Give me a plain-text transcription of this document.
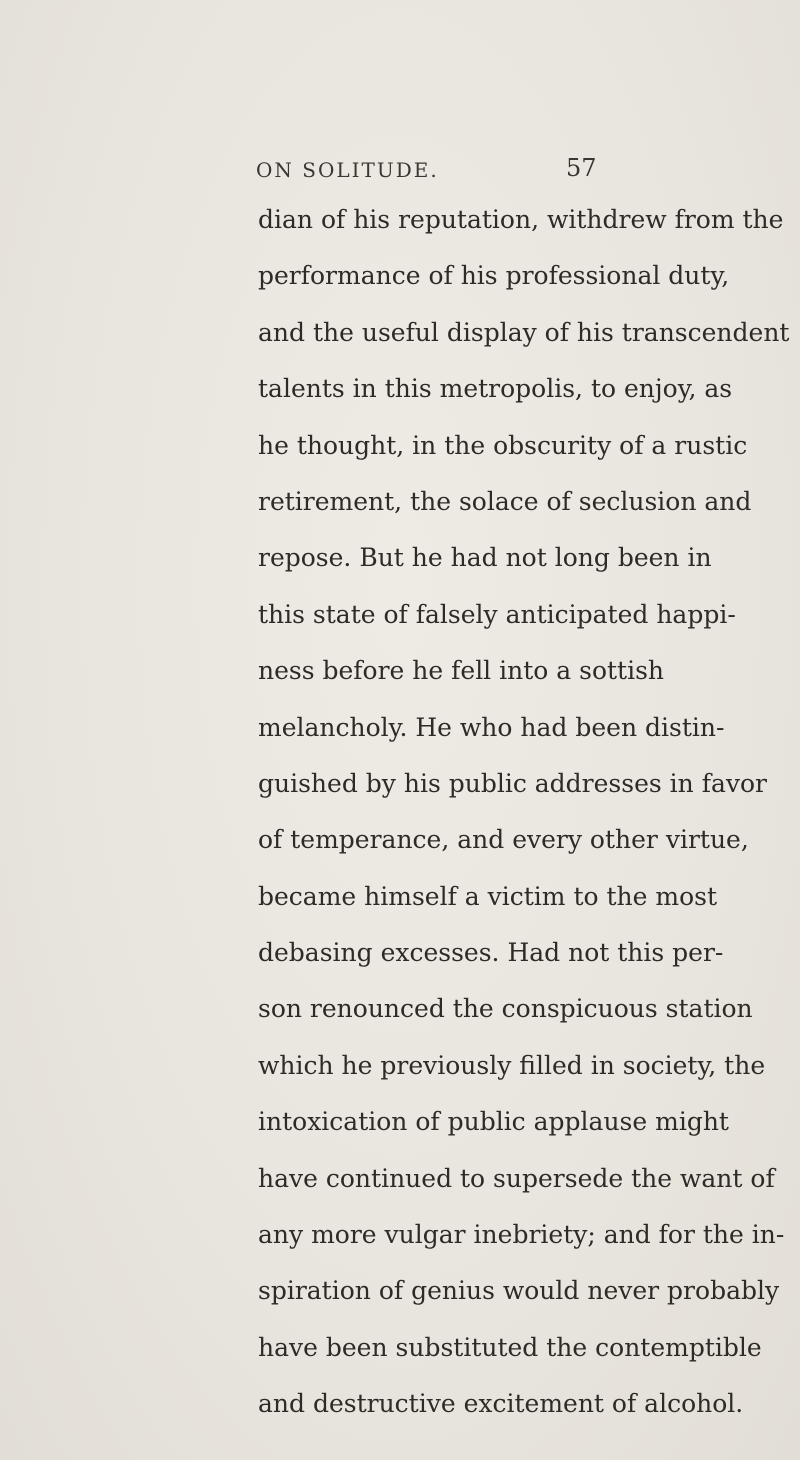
ON SOLITUDE.	57
dian of his reputation, withdrew from the
performance of his professional duty,
and the useful display of his transcendent
talents in this metropolis, to enjoy, as
he thought, in the obscurity of a rustic
retirement, the solace of seclusion and
repose. But he had not long been in
this state of falsely anticipated happi-
ness before he fell into a sottish
melancholy. He who had been distin-
guished by his public addresses in favor
of temperance, and every other virtue,
became himself a victim to the most
debasing excesses. Had not this per-
son renounced the conspicuous station
which he previously filled in society, the
intoxication of public applause might
have continued to supersede the want of
any more vulgar inebriety; and for the in-
spiration of genius would never probably
have been substituted the contemptible
and destructive excitement of alcohol.
